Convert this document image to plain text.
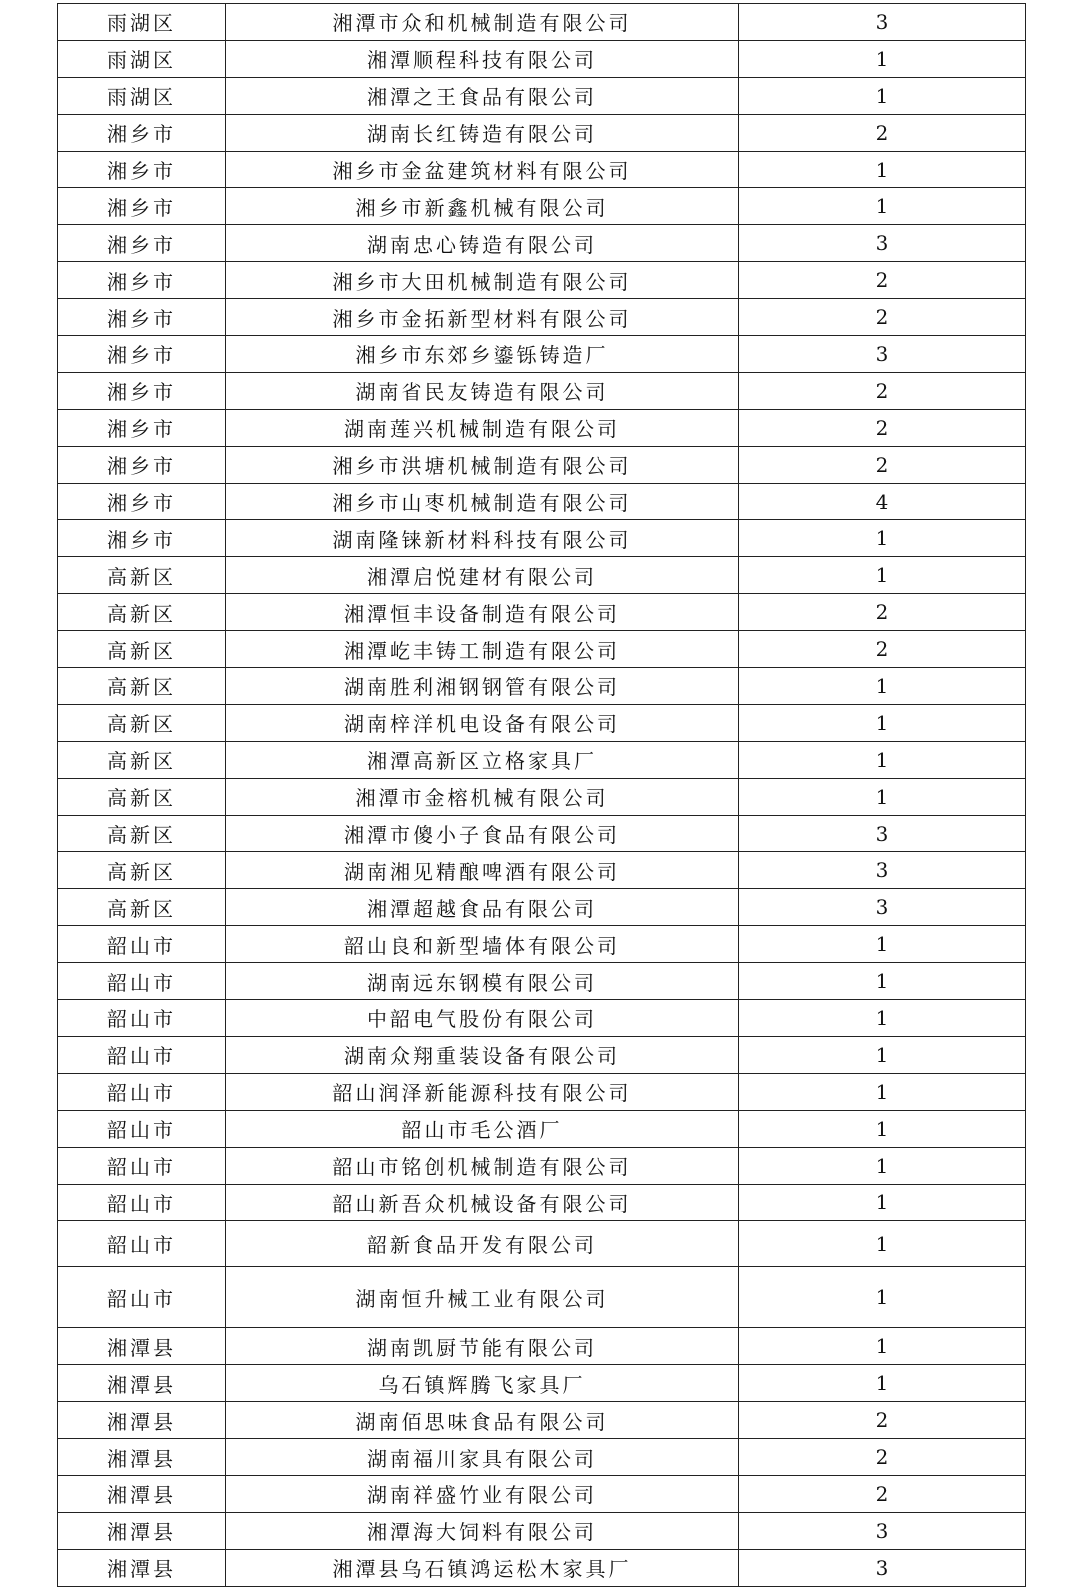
雨湖区	湘潭市众和机械制造有限公司	3
雨湖区	湘潭顺程科技有限公司	1
雨湖区	湘潭之王食品有限公司	1
湘乡市	湖南长红铸造有限公司	2
湘乡市	湘乡市金盆建筑材料有限公司	1
湘乡市	湘乡市新鑫机械有限公司	1
湘乡市	湖南忠心铸造有限公司	3
湘乡市	湘乡市大田机械制造有限公司	2
湘乡市	湘乡市金拓新型材料有限公司	2
湘乡市	湘乡市东郊乡鎏铄铸造厂	3
湘乡市	湖南省民友铸造有限公司	2
湘乡市	湖南莲兴机械制造有限公司	2
湘乡市	湘乡市洪塘机械制造有限公司	2
湘乡市	湘乡市山枣机械制造有限公司	4
湘乡市	湖南隆铼新材料科技有限公司	1
高新区	湘潭启悦建材有限公司	1
高新区	湘潭恒丰设备制造有限公司	2
高新区	湘潭屹丰铸工制造有限公司	2
高新区	湖南胜利湘钢钢管有限公司	1
高新区	湖南梓洋机电设备有限公司	1
高新区	湘潭高新区立格家具厂	1
高新区	湘潭市金榕机械有限公司	1
高新区	湘潭市傻小子食品有限公司	3
高新区	湖南湘见精酿啤酒有限公司	3
高新区	湘潭超越食品有限公司	3
韶山市	韶山良和新型墙体有限公司	1
韶山市	湖南远东钢模有限公司	1
韶山市	中韶电气股份有限公司	1
韶山市	湖南众翔重装设备有限公司	1
韶山市	韶山润泽新能源科技有限公司	1
韶山市	韶山市毛公酒厂	1
韶山市	韶山市铭创机械制造有限公司	1
韶山市	韶山新吾众机械设备有限公司	1
韶山市	韶新食品开发有限公司	1
韶山市	湖南恒升械工业有限公司	1
湘潭县	湖南凯厨节能有限公司	1
湘潭县	乌石镇辉腾飞家具厂	1
湘潭县	湖南佰思味食品有限公司	2
湘潭县	湖南福川家具有限公司	2
湘潭县	湖南祥盛竹业有限公司	2
湘潭县	湘潭海大饲料有限公司	3
湘潭县	湘潭县乌石镇鸿运松木家具厂	3
